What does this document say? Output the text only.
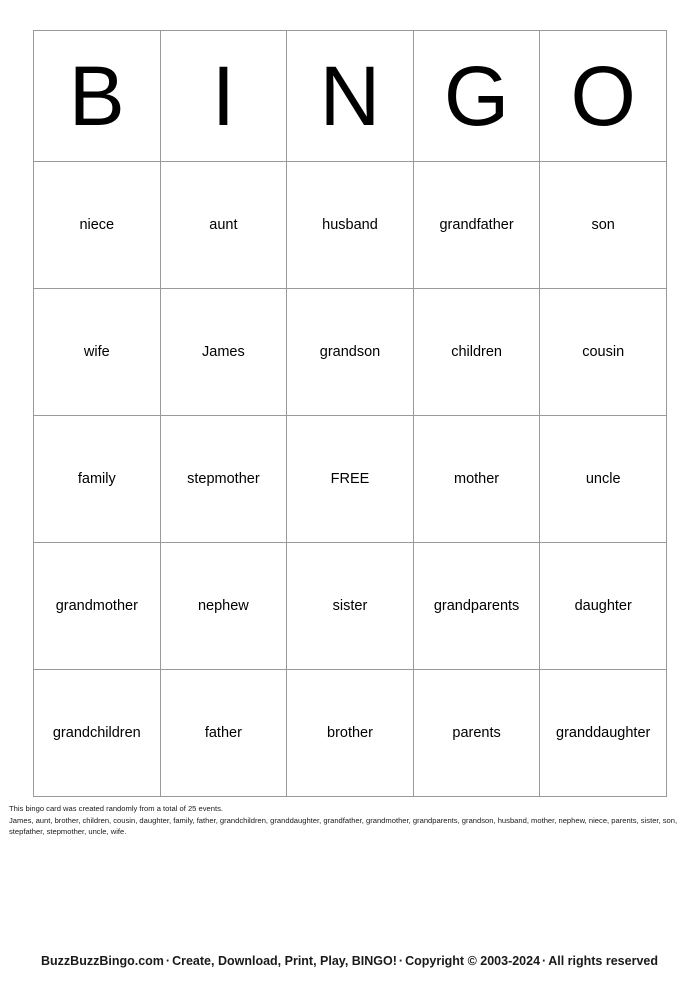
B	I	N	G	O

niece	aunt	husband	grandfather	son

wife	James	grandson	children	cousin

family	stepmother	FREE	mother	uncle

grandmother	nephew	sister	grandparents	daughter

grandchildren	father	brother	parents	granddaughter
This bingo card was created randomly from a total of 25 events.
James, aunt, brother, children, cousin, daughter, family, father, grandchildren, granddaughter, grandfather, grandmother, grandparents, grandson, husband, mother, nephew, niece, parents, sister, son, stepfather, stepmother, uncle, wife.
BuzzBuzzBingo.com · Create, Download, Print, Play, BINGO! · Copyright © 2003-2024 · All rights reserved
